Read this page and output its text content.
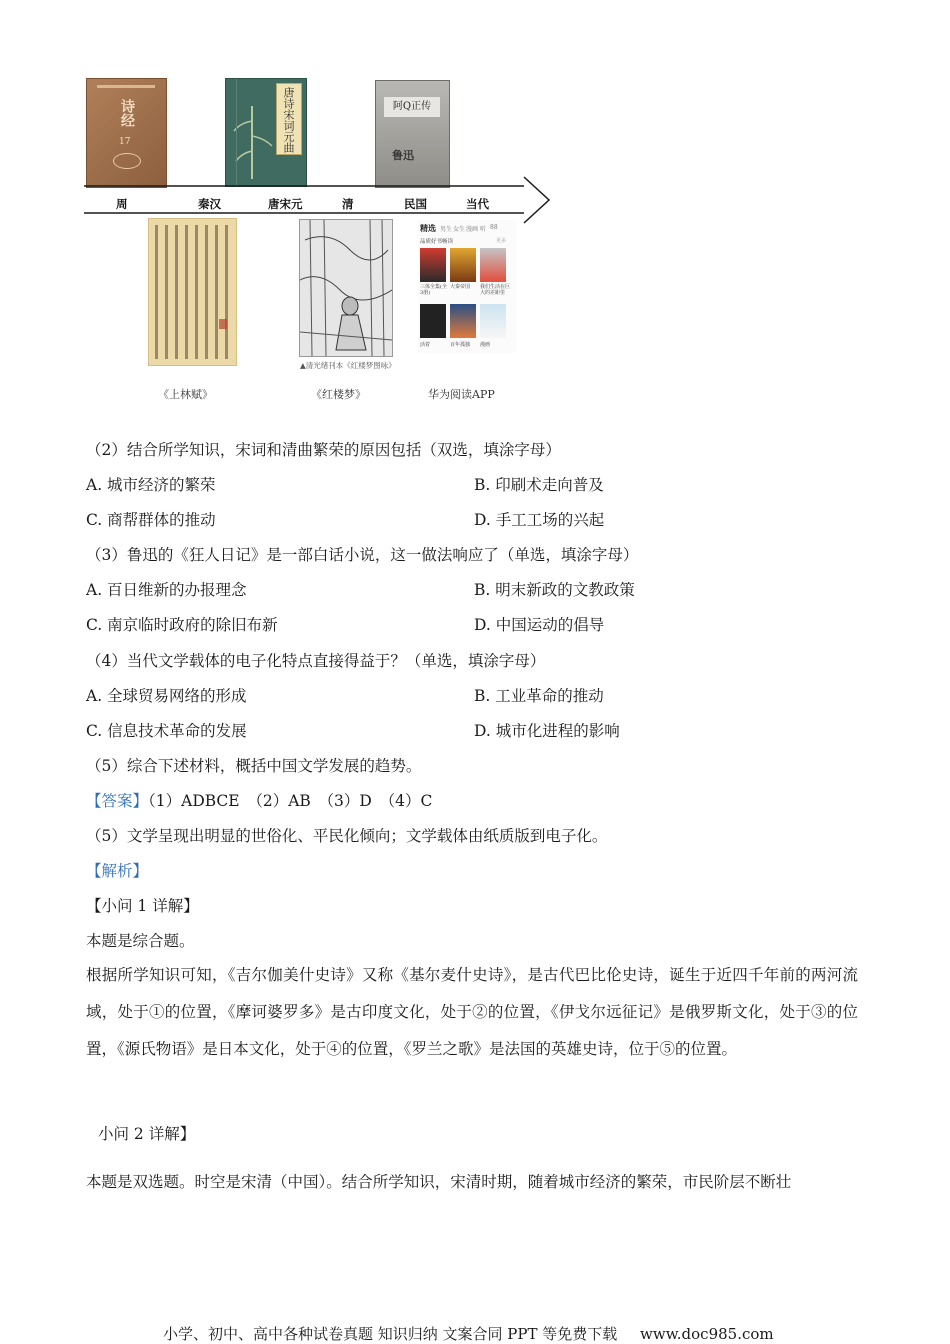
诗经
17	唐诗宋词元曲	阿Q正传
鲁迅
周	秦汉	唐宋元	清	民国	当代
▲清光绪刊本《红楼梦图咏》
精选 男生 女生 漫画 听 88
品质好书畅读	更多
三体全集(全3册)
大秦帝国	我们生活在巨大的差距里
活着	百年孤独 漫画
《上林赋》	《红楼梦》	华为阅读APP
（2）结合所学知识，宋词和清曲繁荣的原因包括（双选，填涂字母）
A. 城市经济的繁荣	B. 印刷术走向普及
C. 商帮群体的推动	D. 手工工场的兴起
（3）鲁迅的《狂人日记》是一部白话小说，这一做法响应了（单选，填涂字母）
A. 百日维新的办报理念	B. 明末新政的文教政策
C. 南京临时政府的除旧布新	D. 中国运动的倡导
（4）当代文学载体的电子化特点直接得益于？（单选，填涂字母）
A. 全球贸易网络的形成	B. 工业革命的推动
C. 信息技术革命的发展	D. 城市化进程的影响
（5）综合下述材料，概括中国文学发展的趋势。
【答案】（1）ADBCE　（2）AB　（3）D　（4）C
（5）文学呈现出明显的世俗化、平民化倾向；文学载体由纸质版到电子化。
【解析】
【小问 1 详解】
本题是综合题。
根据所学知识可知，《吉尔伽美什史诗》又称《基尔麦什史诗》，是古代巴比伦史诗，诞生于近四千年前的两河流域，处于①的位置，《摩诃婆罗多》是古印度文化，处于②的位置，《伊戈尔远征记》是俄罗斯文化，处于③的位置，《源氏物语》是日本文化，处于④的位置，《罗兰之歌》是法国的英雄史诗，位于⑤的位置。
小问 2 详解】
本题是双选题。时空是宋清（中国）。结合所学知识，宋清时期，随着城市经济的繁荣，市民阶层不断壮
小学、初中、高中各种试卷真题 知识归纳 文案合同 PPT 等免费下载 www.doc985.com
